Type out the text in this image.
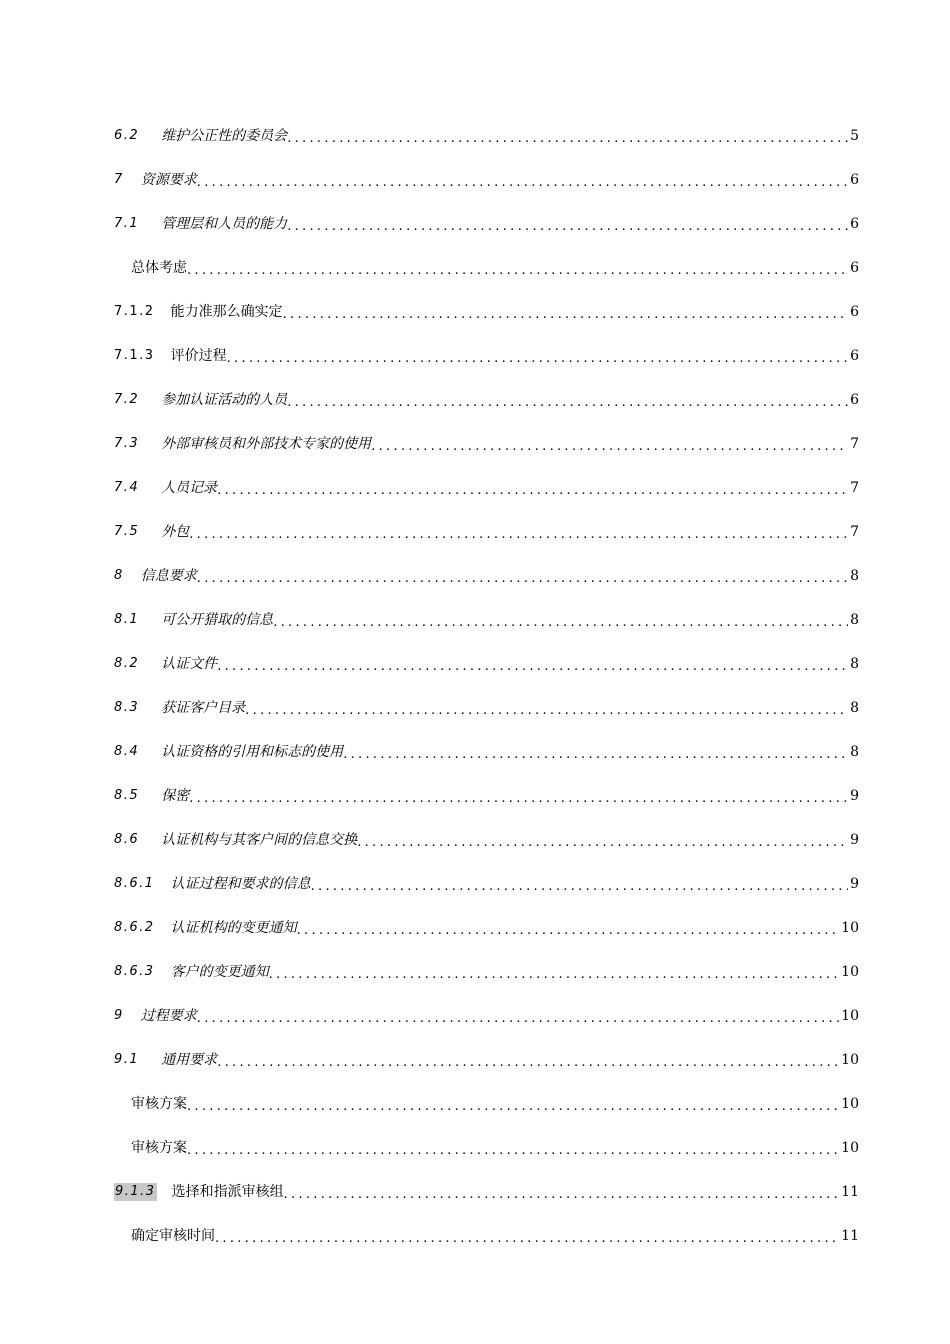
6.2 维护公正性的委员会 .....	5
7 资源要求 .....	6
7.1 管理层和人员的能力 .....	6
总体考虑 .....	6
7.1.2 能力准那么确实定 .....	6
7.1.3 评价过程 .....	6
7.2 参加认证活动的人员 .....	6
7.3 外部审核员和外部技术专家的使用 .....	7
7.4 人员记录 .....	7
7.5 外包 .....	7
8 信息要求 .....	8
8.1 可公开猎取的信息 .....	8
8.2 认证文件 .....	8
8.3 获证客户目录 .....	8
8.4 认证资格的引用和标志的使用 .....	8
8.5 保密 .....	9
8.6 认证机构与其客户间的信息交换 .....	9
8.6.1 认证过程和要求的信息 .....	9
8.6.2 认证机构的变更通知 .....	10
8.6.3 客户的变更通知 .....	10
9 过程要求 .....	10
9.1 通用要求 .....	10
审核方案 .....	10
审核方案 .....	10
9.1.3 选择和指派审核组 .....	11
确定审核时间 .....	11
